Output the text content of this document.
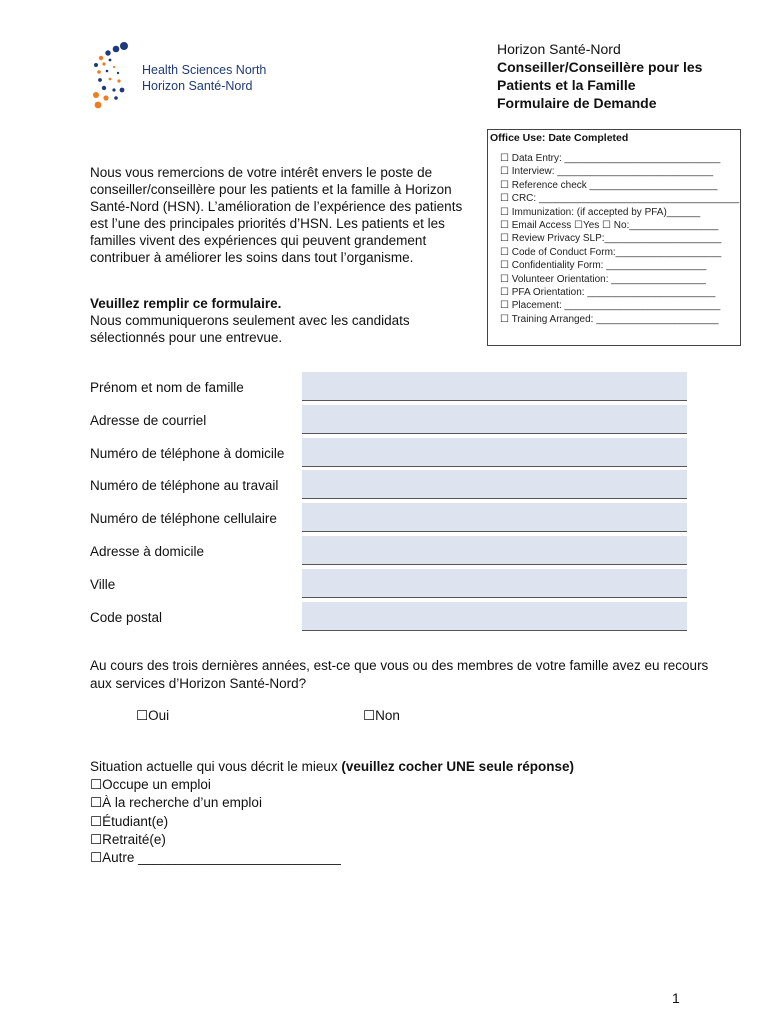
Health Sciences North
Horizon Santé-Nord
Horizon Santé-Nord
Conseiller/Conseillère pour les
Patients et la Famille
Formulaire de Demande
Office Use: Date Completed
☐ Data Entry: ____________________________
☐ Interview: ____________________________
☐ Reference check _______________________
☐ CRC: ____________________________________
☐ Immunization: (if accepted by PFA)______
☐ Email Access ☐Yes ☐ No:________________
☐ Review Privacy SLP:_____________________
☐ Code of Conduct Form:___________________
☐ Confidentiality Form: __________________
☐ Volunteer Orientation: _________________
☐ PFA Orientation: _______________________
☐ Placement: ____________________________
☐ Training Arranged: ______________________

Nous vous remercions de votre intérêt envers le poste de conseiller/conseillère pour les patients et la famille à Horizon Santé-Nord (HSN). L’amélioration de l’expérience des patients est l’une des principales priorités d’HSN. Les patients et les familles vivent des expériences qui peuvent grandement contribuer à améliorer les soins dans tout l’organisme.

Veuillez remplir ce formulaire.
Nous communiquerons seulement avec les candidats sélectionnés pour une entrevue.
Prénom et nom de famille
Adresse de courriel
Numéro de téléphone à domicile
Numéro de téléphone au travail
Numéro de téléphone cellulaire
Adresse à domicile
Ville
Code postal

Au cours des trois dernières années, est-ce que vous ou des membres de votre famille avez eu recours aux services d’Horizon Santé-Nord?

☐Oui	☐Non
Situation actuelle qui vous décrit le mieux (veuillez cocher UNE seule réponse)
☐Occupe un emploi
☐À la recherche d’un emploi
☐Étudiant(e)
☐Retraité(e)
☐Autre ___________________________
1
